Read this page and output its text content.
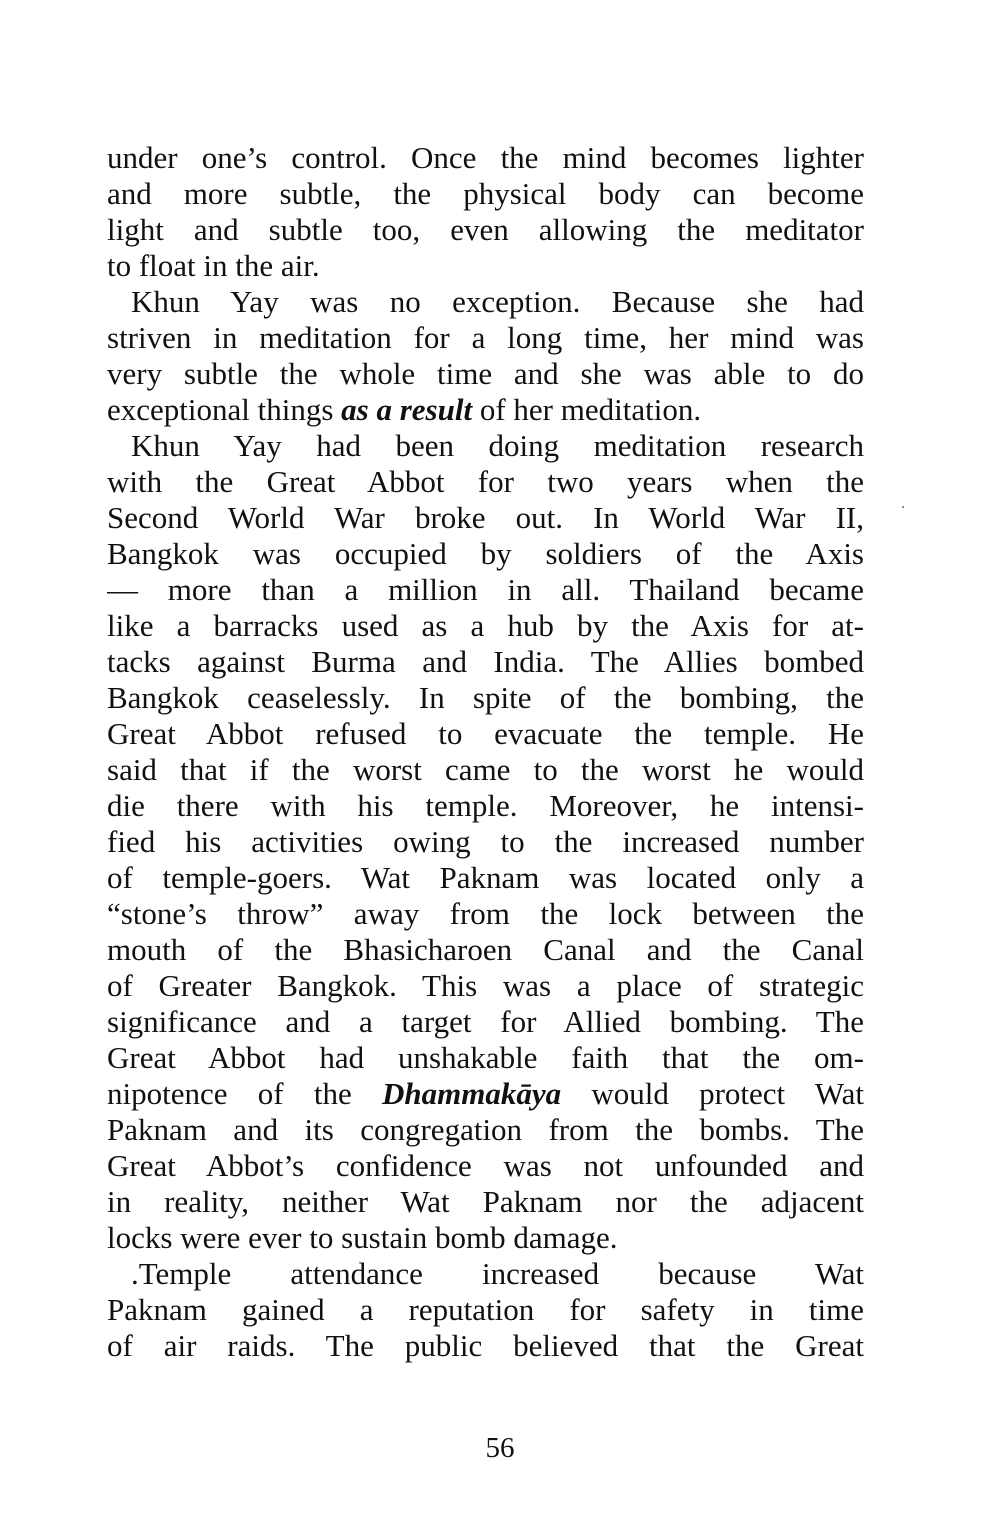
under one’s control. Once the mind becomes lighter
and more subtle, the physical body can become
light and subtle too, even allowing the meditator
to float in the air.
Khun Yay was no exception. Because she had
striven in meditation for a long time, her mind was
very subtle the whole time and she was able to do
exceptional things as a result of her meditation.
Khun Yay had been doing meditation research
with the Great Abbot for two years when the
Second World War broke out. In World War II,
Bangkok was occupied by soldiers of the Axis
— more than a million in all. Thailand became
like a barracks used as a hub by the Axis for at-
tacks against Burma and India. The Allies bombed
Bangkok ceaselessly. In spite of the bombing, the
Great Abbot refused to evacuate the temple. He
said that if the worst came to the worst he would
die there with his temple. Moreover, he intensi-
fied his activities owing to the increased number
of temple-goers. Wat Paknam was located only a
“stone’s throw” away from the lock between the
mouth of the Bhasicharoen Canal and the Canal
of Greater Bangkok. This was a place of strategic
significance and a target for Allied bombing. The
Great Abbot had unshakable faith that the om-
nipotence of the Dhammakāya would protect Wat
Paknam and its congregation from the bombs. The
Great Abbot’s confidence was not unfounded and
in reality, neither Wat Paknam nor the adjacent
locks were ever to sustain bomb damage.
.Temple attendance increased because Wat
Paknam gained a reputation for safety in time
of air raids. The public believed that the Great
56
